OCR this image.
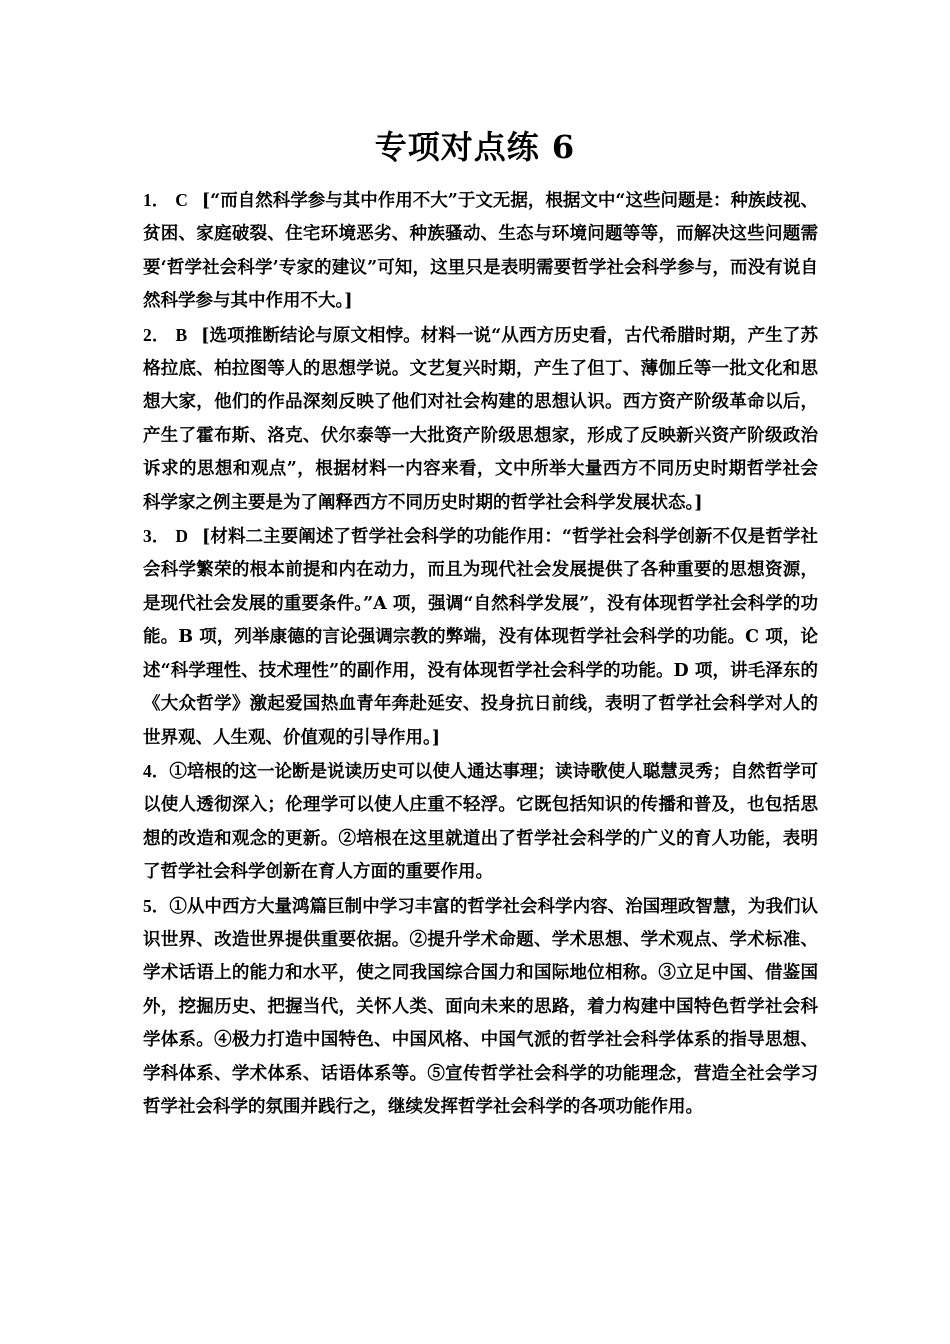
专项对点练 6

1． C [“而自然科学参与其中作用不大”于文无据，根据文中“这些问题是：种族歧视、贫困、家庭破裂、住宅环境恶劣、种族骚动、生态与环境问题等等，而解决这些问题需要‘哲学社会科学’专家的建议”可知，这里只是表明需要哲学社会科学参与，而没有说自然科学参与其中作用不大。]

2． B [选项推断结论与原文相悖。材料一说“从西方历史看，古代希腊时期，产生了苏格拉底、柏拉图等人的思想学说。文艺复兴时期，产生了但丁、薄伽丘等一批文化和思想大家，他们的作品深刻反映了他们对社会构建的思想认识。西方资产阶级革命以后，产生了霍布斯、洛克、伏尔泰等一大批资产阶级思想家，形成了反映新兴资产阶级政治诉求的思想和观点”，根据材料一内容来看，文中所举大量西方不同历史时期哲学社会科学家之例主要是为了阐释西方不同历史时期的哲学社会科学发展状态。]

3． D [材料二主要阐述了哲学社会科学的功能作用：“哲学社会科学创新不仅是哲学社会科学繁荣的根本前提和内在动力，而且为现代社会发展提供了各种重要的思想资源，是现代社会发展的重要条件。”A 项，强调“自然科学发展”，没有体现哲学社会科学的功能。B 项，列举康德的言论强调宗教的弊端，没有体现哲学社会科学的功能。C 项，论述“科学理性、技术理性”的副作用，没有体现哲学社会科学的功能。D 项，讲毛泽东的《大众哲学》激起爱国热血青年奔赴延安、投身抗日前线，表明了哲学社会科学对人的世界观、人生观、价值观的引导作用。]

4．①培根的这一论断是说读历史可以使人通达事理；读诗歌使人聪慧灵秀；自然哲学可以使人透彻深入；伦理学可以使人庄重不轻浮。它既包括知识的传播和普及，也包括思想的改造和观念的更新。②培根在这里就道出了哲学社会科学的广义的育人功能，表明了哲学社会科学创新在育人方面的重要作用。

5．①从中西方大量鸿篇巨制中学习丰富的哲学社会科学内容、治国理政智慧，为我们认识世界、改造世界提供重要依据。②提升学术命题、学术思想、学术观点、学术标准、学术话语上的能力和水平，使之同我国综合国力和国际地位相称。③立足中国、借鉴国外，挖掘历史、把握当代，关怀人类、面向未来的思路，着力构建中国特色哲学社会科学体系。④极力打造中国特色、中国风格、中国气派的哲学社会科学体系的指导思想、学科体系、学术体系、话语体系等。⑤宣传哲学社会科学的功能理念，营造全社会学习哲学社会科学的氛围并践行之，继续发挥哲学社会科学的各项功能作用。
